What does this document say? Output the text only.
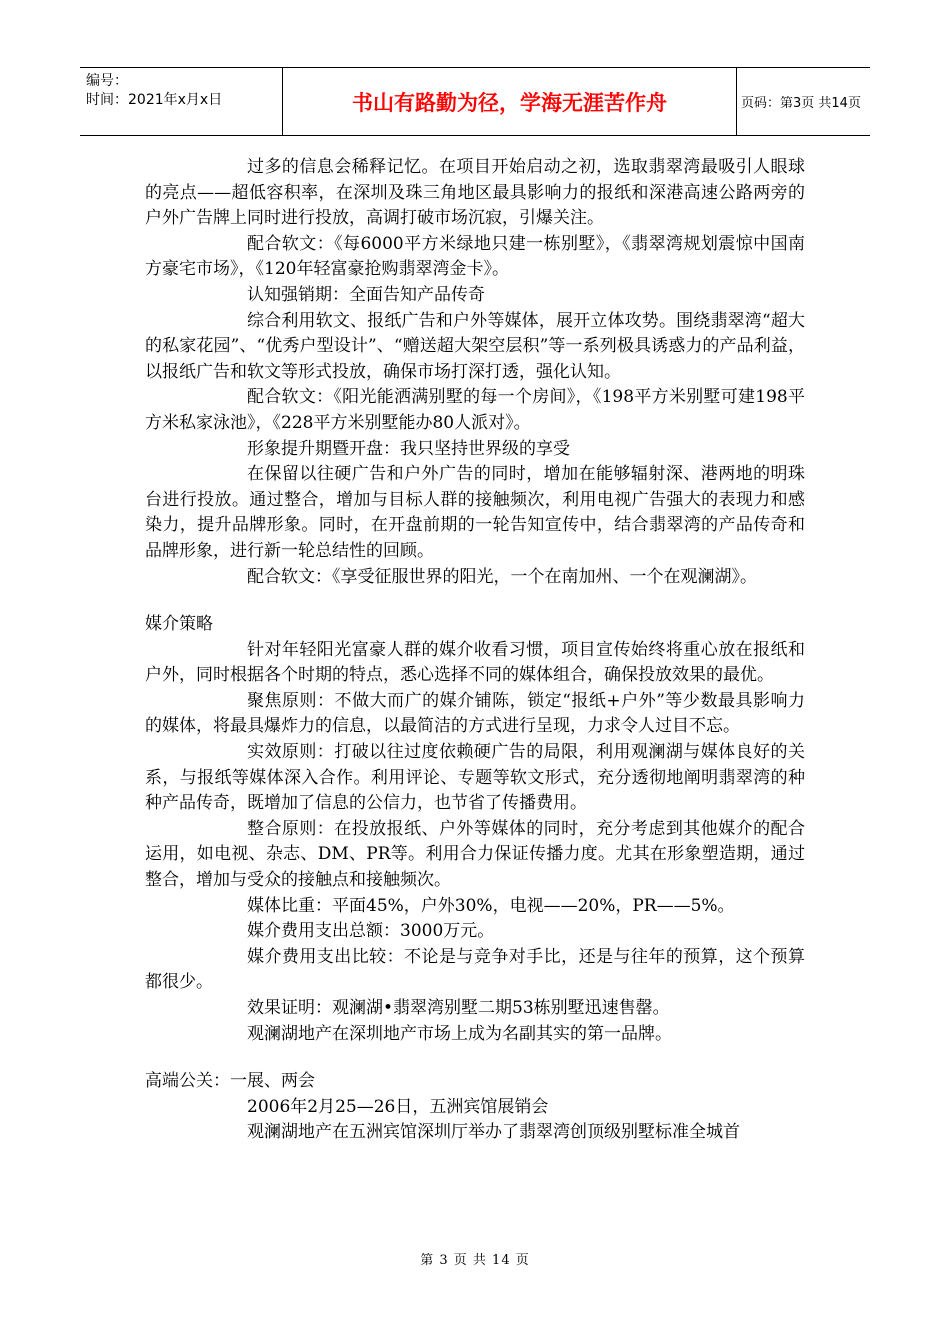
编号：
时间：2021年x月x日	书山有路勤为径，学海无涯苦作舟	页码：第3页 共14页

过多的信息会稀释记忆。在项目开始启动之初，选取翡翠湾最吸引人眼球的亮点——超低容积率，在深圳及珠三角地区最具影响力的报纸和深港高速公路两旁的户外广告牌上同时进行投放，高调打破市场沉寂，引爆关注。

配合软文：《每6000平方米绿地只建一栋别墅》，《翡翠湾规划震惊中国南方豪宅市场》，《120年轻富豪抢购翡翠湾金卡》。

认知强销期：全面告知产品传奇

综合利用软文、报纸广告和户外等媒体，展开立体攻势。围绕翡翠湾“超大的私家花园”、“优秀户型设计”、“赠送超大架空层积”等一系列极具诱惑力的产品利益，以报纸广告和软文等形式投放，确保市场打深打透，强化认知。

配合软文：《阳光能洒满别墅的每一个房间》，《198平方米别墅可建198平方米私家泳池》，《228平方米别墅能办80人派对》。

形象提升期暨开盘：我只坚持世界级的享受

在保留以往硬广告和户外广告的同时，增加在能够辐射深、港两地的明珠台进行投放。通过整合，增加与目标人群的接触频次，利用电视广告强大的表现力和感染力，提升品牌形象。同时，在开盘前期的一轮告知宣传中，结合翡翠湾的产品传奇和品牌形象，进行新一轮总结性的回顾。

配合软文：《享受征服世界的阳光，一个在南加州、一个在观澜湖》。

媒介策略

针对年轻阳光富豪人群的媒介收看习惯，项目宣传始终将重心放在报纸和户外，同时根据各个时期的特点，悉心选择不同的媒体组合，确保投放效果的最优。

聚焦原则：不做大而广的媒介铺陈，锁定“报纸+户外”等少数最具影响力的媒体，将最具爆炸力的信息，以最简洁的方式进行呈现，力求令人过目不忘。

实效原则：打破以往过度依赖硬广告的局限，利用观澜湖与媒体良好的关系，与报纸等媒体深入合作。利用评论、专题等软文形式，充分透彻地阐明翡翠湾的种种产品传奇，既增加了信息的公信力，也节省了传播费用。

整合原则：在投放报纸、户外等媒体的同时，充分考虑到其他媒介的配合运用，如电视、杂志、DM、PR等。利用合力保证传播力度。尤其在形象塑造期，通过整合，增加与受众的接触点和接触频次。

媒体比重：平面45%，户外30%，电视——20%，PR——5%。

媒介费用支出总额：3000万元。

媒介费用支出比较：不论是与竞争对手比，还是与往年的预算，这个预算都很少。

效果证明：观澜湖•翡翠湾别墅二期53栋别墅迅速售罄。

观澜湖地产在深圳地产市场上成为名副其实的第一品牌。

高端公关：一展、两会

2006年2月25—26日，五洲宾馆展销会

观澜湖地产在五洲宾馆深圳厅举办了翡翠湾创顶级别墅标准全城首

第 3 页 共 14 页
